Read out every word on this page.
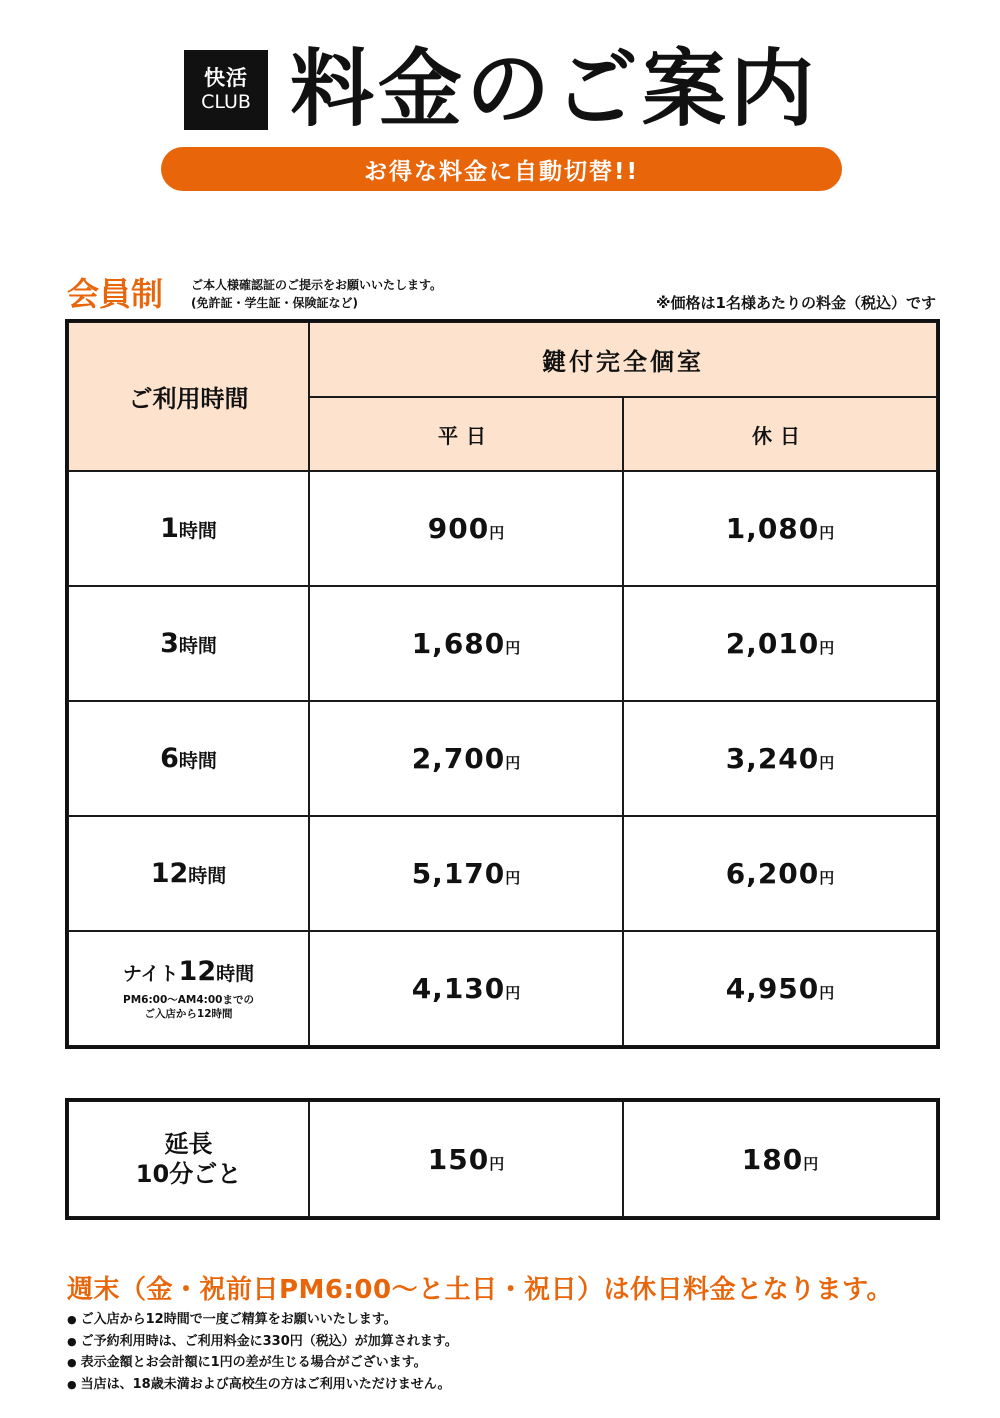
快活
CLUB 料金のご案内
お得な料金に自動切替!!
会員制 ご本人様確認証のご提示をお願いいたします。
(免許証・学生証・保険証など)	※価格は1名様あたりの料金（税込）です
ご利用時間	鍵付完全個室	
	平日	休日
1時間	900円	1,080円
3時間	1,680円	2,010円
6時間	2,700円	3,240円
12時間	5,170円	6,200円

ナイト12時間
PM6:00〜AM4:00までの
ご入店から12時間	4,130円	4,950円
延長
10分ごと	150円	180円
週末（金・祝前日PM6:00〜と土日・祝日）は休日料金となります。
● ご入店から12時間で一度ご精算をお願いいたします。
● ご予約利用時は、ご利用料金に330円（税込）が加算されます。
● 表示金額とお会計額に1円の差が生じる場合がございます。
● 当店は、18歳未満および高校生の方はご利用いただけません。
